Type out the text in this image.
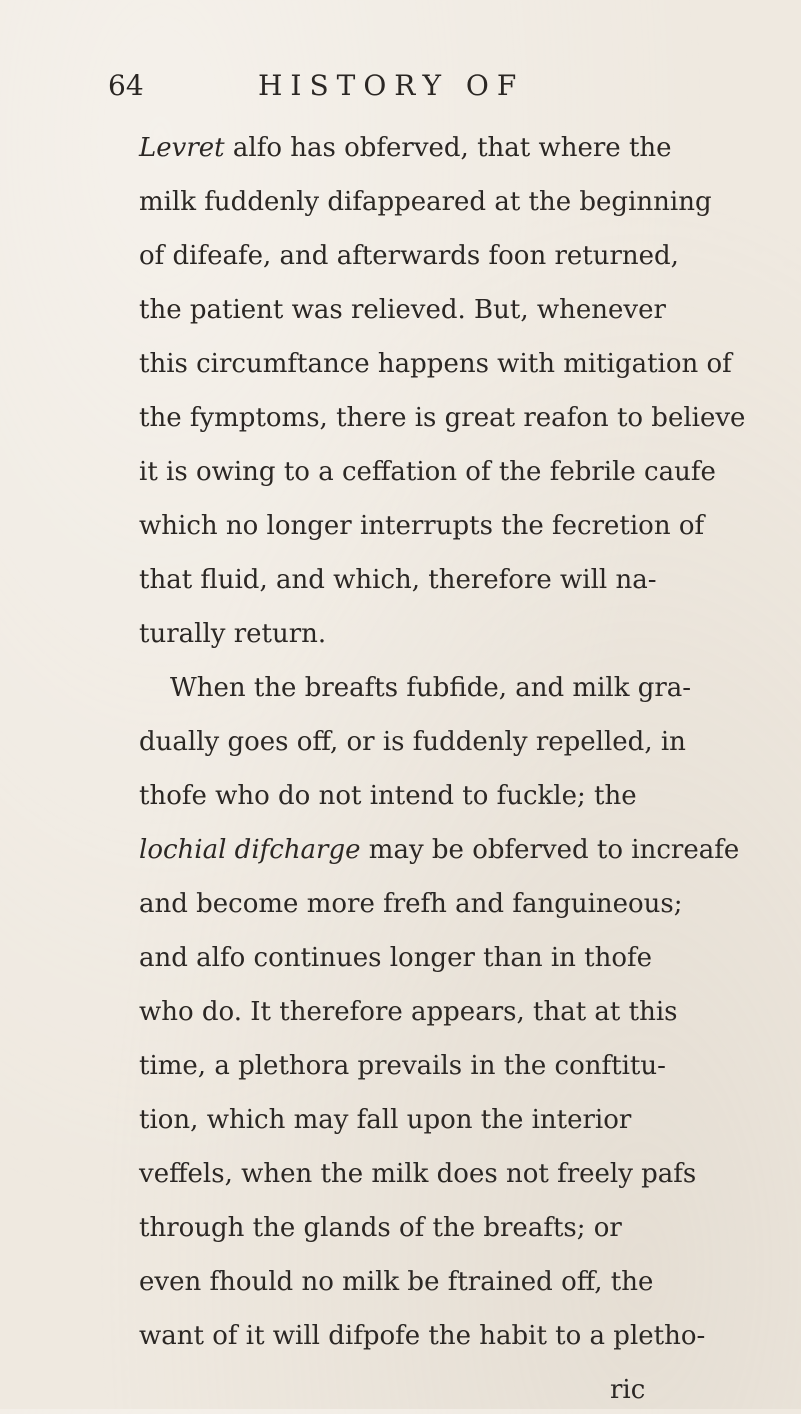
64	HISTORY OF
Levret alfo has obferved, that where the
milk fuddenly difappeared at the beginning
of difeafe, and afterwards foon returned,
the patient was relieved. But, whenever
this circumftance happens with mitigation of
the fymptoms, there is great reafon to believe
it is owing to a ceffation of the febrile caufe
which no longer interrupts the fecretion of
that fluid, and which, therefore will na-
turally return.
When the breafts fubfide, and milk gra-
dually goes off, or is fuddenly repelled, in
thofe who do not intend to fuckle; the
lochial difcharge may be obferved to increafe
and become more frefh and fanguineous;
and alfo continues longer than in thofe
who do. It therefore appears, that at this
time, a plethora prevails in the conftitu-
tion, which may fall upon the interior
veffels, when the milk does not freely pafs
through the glands of the breafts; or
even fhould no milk be ftrained off, the
want of it will difpofe the habit to a pletho-
ric
